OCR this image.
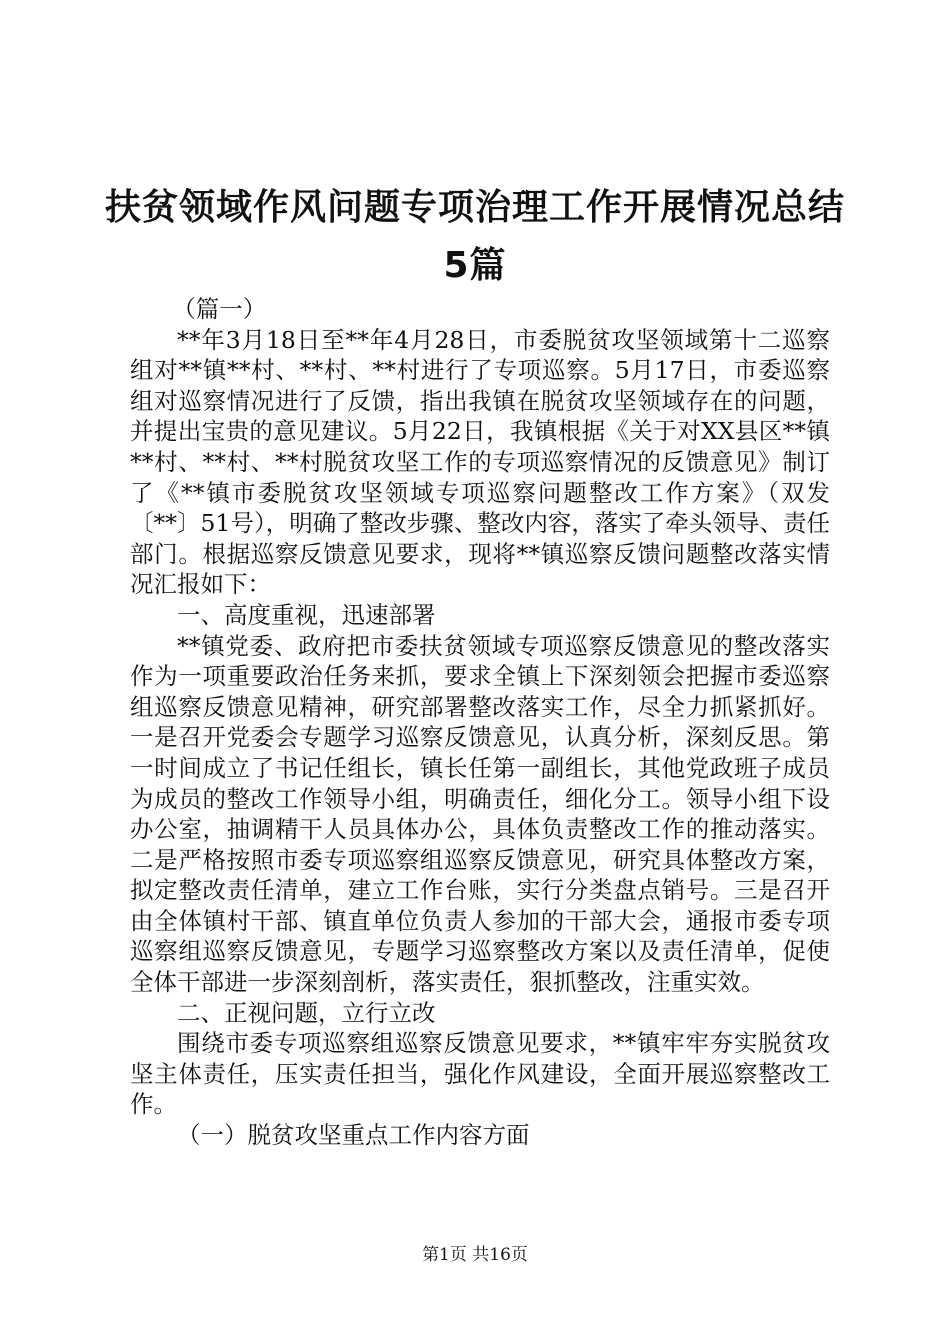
扶贫领域作风问题专项治理工作开展情况总结
5篇

（篇一）

**年3月18日至**年4月28日，市委脱贫攻坚领域第十二巡察组对**镇**村、**村、**村进行了专项巡察。5月17日，市委巡察组对巡察情况进行了反馈，指出我镇在脱贫攻坚领域存在的问题，并提出宝贵的意见建议。5月22日，我镇根据《关于对XX县区**镇**村、**村、**村脱贫攻坚工作的专项巡察情况的反馈意见》制订了《**镇市委脱贫攻坚领域专项巡察问题整改工作方案》（双发〔**〕51号），明确了整改步骤、整改内容，落实了牵头领导、责任部门。根据巡察反馈意见要求，现将**镇巡察反馈问题整改落实情况汇报如下：

一、高度重视，迅速部署

**镇党委、政府把市委扶贫领域专项巡察反馈意见的整改落实作为一项重要政治任务来抓，要求全镇上下深刻领会把握市委巡察组巡察反馈意见精神，研究部署整改落实工作，尽全力抓紧抓好。一是召开党委会专题学习巡察反馈意见，认真分析，深刻反思。第一时间成立了书记任组长，镇长任第一副组长，其他党政班子成员为成员的整改工作领导小组，明确责任，细化分工。领导小组下设办公室，抽调精干人员具体办公，具体负责整改工作的推动落实。二是严格按照市委专项巡察组巡察反馈意见，研究具体整改方案，拟定整改责任清单，建立工作台账，实行分类盘点销号。三是召开由全体镇村干部、镇直单位负责人参加的干部大会，通报市委专项巡察组巡察反馈意见，专题学习巡察整改方案以及责任清单，促使全体干部进一步深刻剖析，落实责任，狠抓整改，注重实效。

二、正视问题，立行立改

围绕市委专项巡察组巡察反馈意见要求，**镇牢牢夯实脱贫攻坚主体责任，压实责任担当，强化作风建设，全面开展巡察整改工作。

（一）脱贫攻坚重点工作内容方面

第1页 共16页
